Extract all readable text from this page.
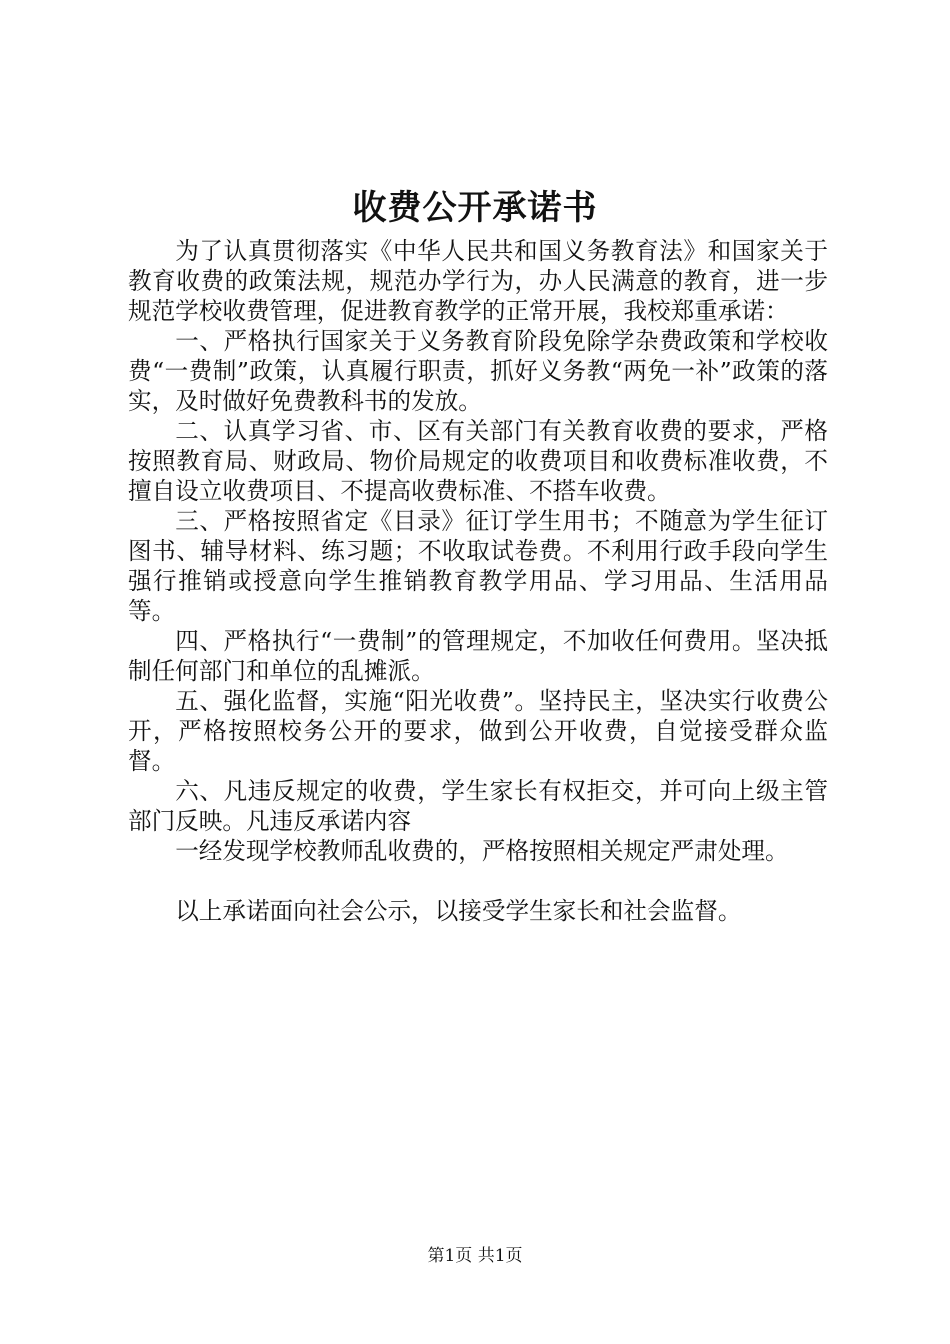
收费公开承诺书

为了认真贯彻落实《中华人民共和国义务教育法》和国家关于教育收费的政策法规，规范办学行为，办人民满意的教育，进一步规范学校收费管理，促进教育教学的正常开展，我校郑重承诺：

一、严格执行国家关于义务教育阶段免除学杂费政策和学校收费“一费制”政策，认真履行职责，抓好义务教“两免一补”政策的落实，及时做好免费教科书的发放。

二、认真学习省、市、区有关部门有关教育收费的要求，严格按照教育局、财政局、物价局规定的收费项目和收费标准收费，不擅自设立收费项目、不提高收费标准、不搭车收费。

三、严格按照省定《目录》征订学生用书；不随意为学生征订图书、辅导材料、练习题；不收取试卷费。不利用行政手段向学生强行推销或授意向学生推销教育教学用品、学习用品、生活用品等。

四、严格执行“一费制”的管理规定，不加收任何费用。坚决抵制任何部门和单位的乱摊派。

五、强化监督，实施“阳光收费”。坚持民主，坚决实行收费公开，严格按照校务公开的要求，做到公开收费，自觉接受群众监督。

六、凡违反规定的收费，学生家长有权拒交，并可向上级主管部门反映。凡违反承诺内容

一经发现学校教师乱收费的，严格按照相关规定严肃处理。

以上承诺面向社会公示，以接受学生家长和社会监督。

第1页 共1页
